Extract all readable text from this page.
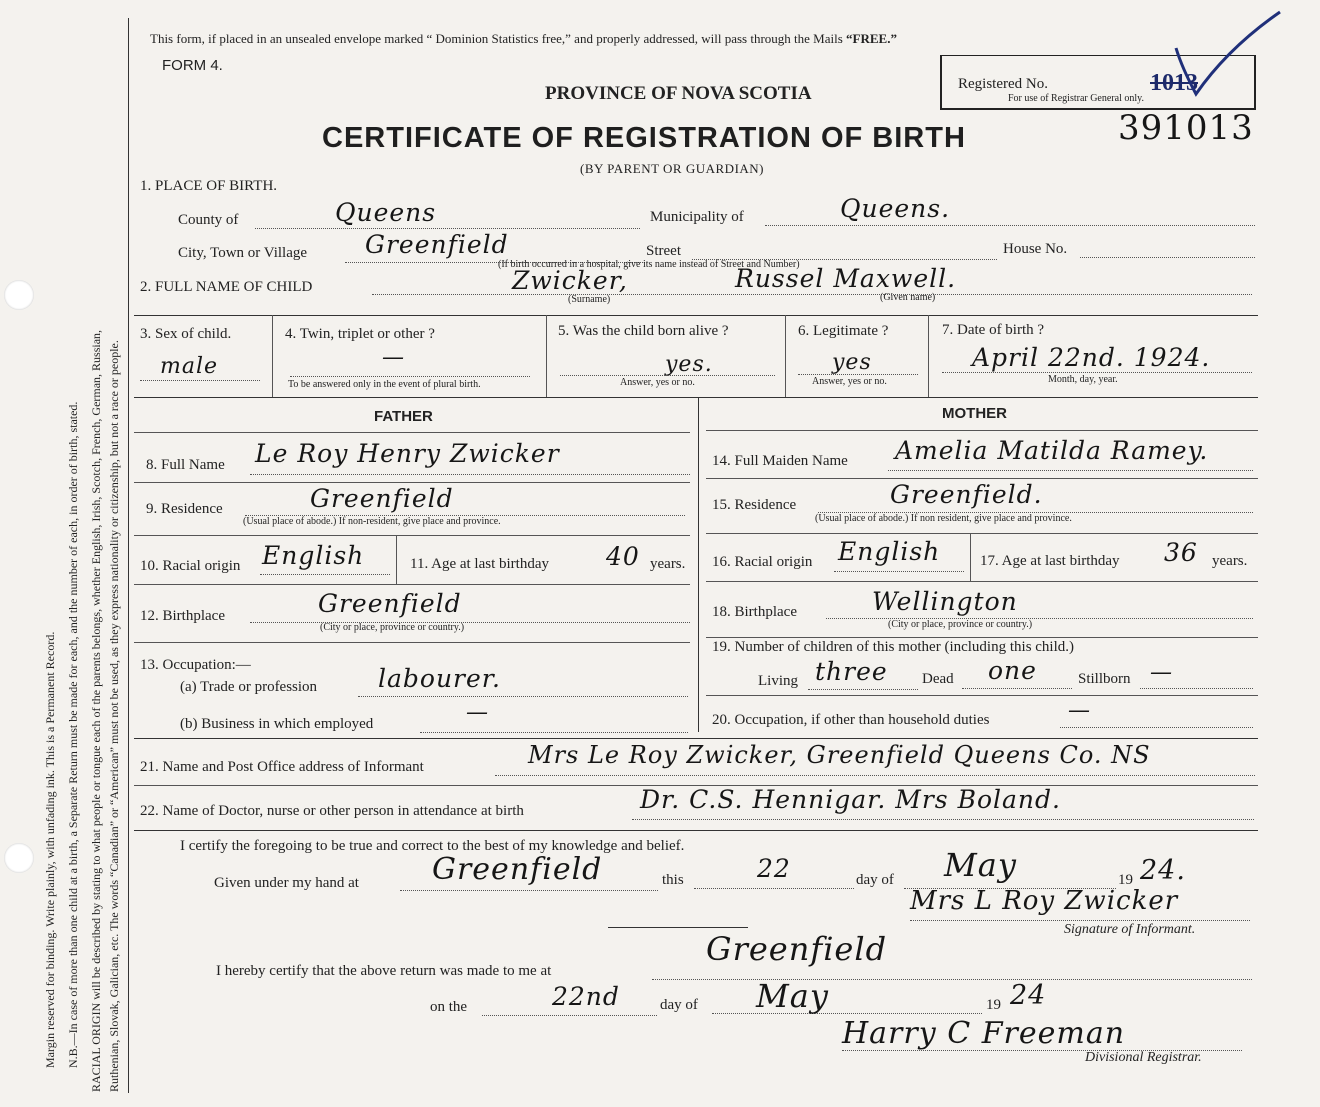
Margin reserved for binding. Write plainly, with unfading ink. This is a Permanent Record. N.B.—In case of more than one child at a birth, a Separate Return must be made for each, and the number of each, in order of birth, stated. RACIAL ORIGIN will be described by stating to what people or tongue each of the parents belongs, whether English, Irish, Scotch, French, German, Russian, Ruthenian, Slovak, Galician, etc. The words “Canadian” or “American” must not be used, as they express nationality or citizenship, but not a race or people.
This form, if placed in an unsealed envelope marked “ Dominion Statistics free,” and properly addressed, will pass through the Mails “FREE.”
FORM 4.
PROVINCE OF NOVA SCOTIA
CERTIFICATE OF REGISTRATION OF BIRTH
(BY PARENT OR GUARDIAN)
Registered No.	1013
For use of Registrar General only.
391013
1. PLACE OF BIRTH.
County of	Queens	Municipality of	Queens.
City, Town or Village Greenfield	Street	House No.
(If birth occurred in a hospital, give its name instead of Street and Number)
2. FULL NAME OF CHILD	Zwicker,	Russel Maxwell.
(Surname)	(Given name)
3. Sex of child.
male
4. Twin, triplet or other ?
—
To be answered only in the event of plural birth.
5. Was the child born alive ?
yes.
Answer, yes or no.
6. Legitimate ?
yes
Answer, yes or no.
7. Date of birth ?
April 22nd. 1924.
Month, day, year.
FATHER	MOTHER
8. Full Name Le Roy Henry Zwicker
9. Residence	Greenfield
(Usual place of abode.) If non-resident, give place and province.
10. Racial origin English	11. Age at last birthday 40 years.
12. Birthplace	Greenfield
(City or place, province or country.)
13. Occupation:—
(a) Trade or profession labourer.
(b) Business in which employed	—
14. Full Maiden Name Amelia Matilda Ramey.
15. Residence	Greenfield.
(Usual place of abode.) If non resident, give place and province.
16. Racial origin English	17. Age at last birthday 36 years.
18. Birthplace	Wellington
(City or place, province or country.)
19. Number of children of this mother (including this child.)
Living three Dead one	Stillborn —
20. Occupation, if other than household duties	—
21. Name and Post Office address of Informant	Mrs Le Roy Zwicker, Greenfield Queens Co. NS
22. Name of Doctor, nurse or other person in attendance at birth	Dr. C.S. Hennigar. Mrs Boland.
I certify the foregoing to be true and correct to the best of my knowledge and belief.
Given under my hand at Greenfield	this	22	day of May	19 24.
Mrs L Roy Zwicker
Signature of Informant.
I hereby certify that the above return was made to me at
Greenfield
on the	22nd	day of May	19 24
Harry C Freeman
Divisional Registrar.
